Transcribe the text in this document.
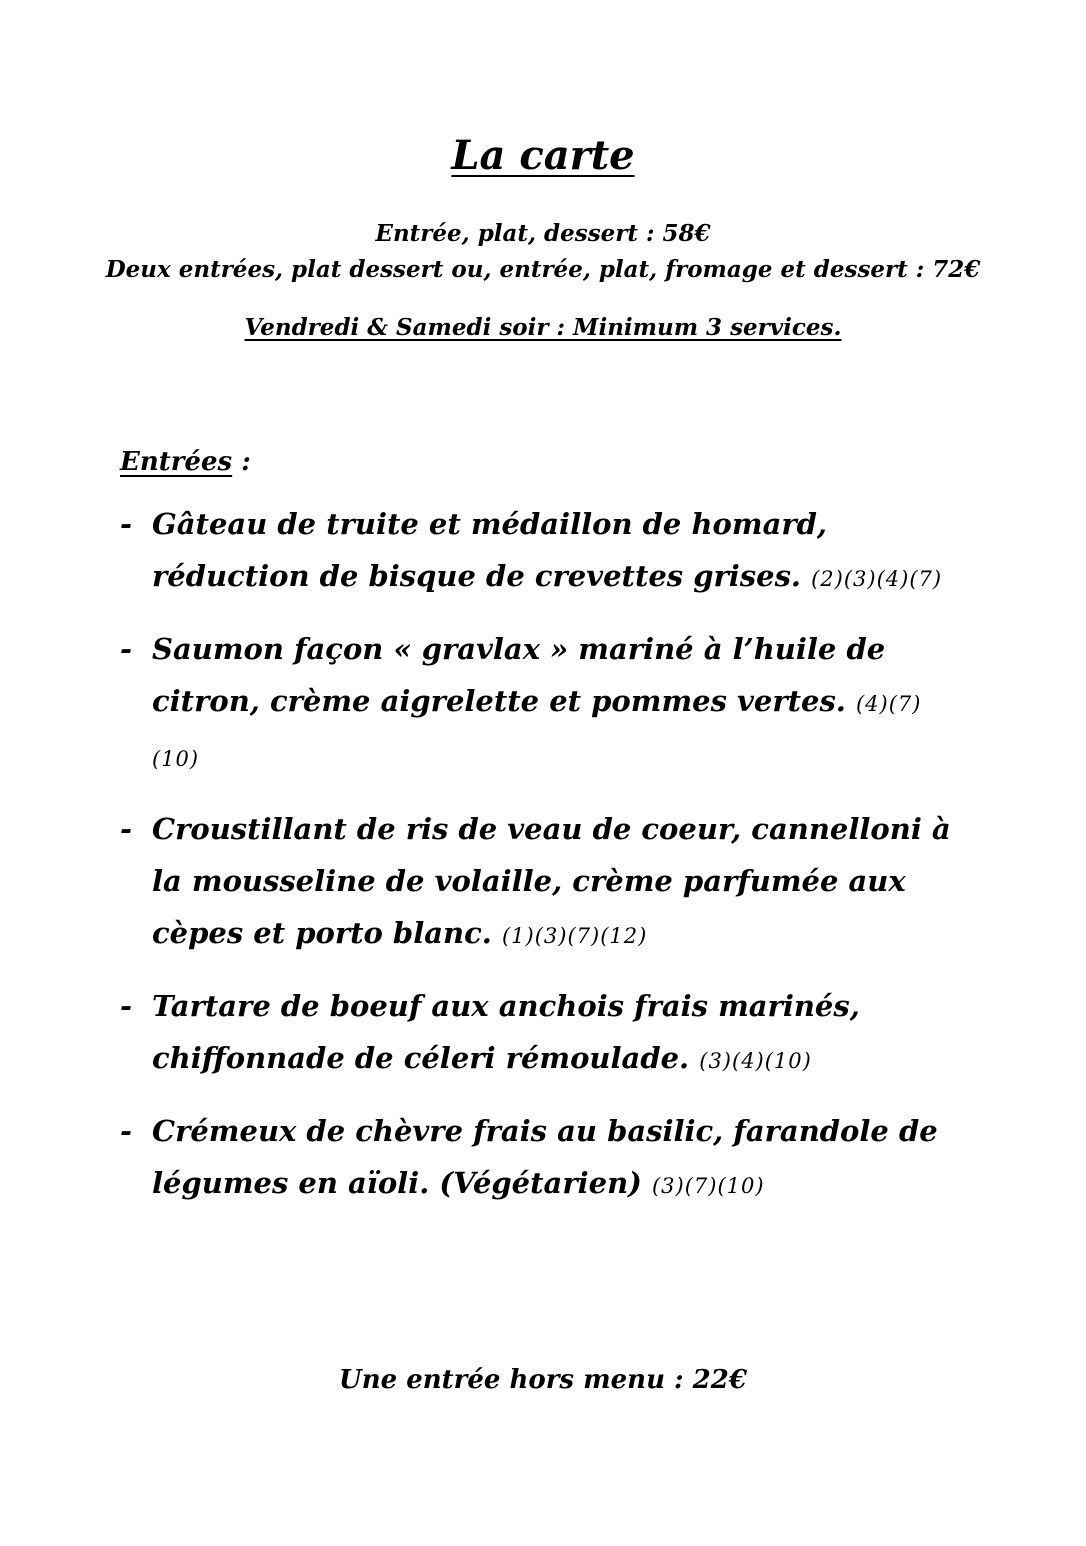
La carte
Entrée, plat, dessert : 58€
Deux entrées, plat dessert ou, entrée, plat, fromage et dessert : 72€
Vendredi & Samedi soir : Minimum 3 services.
Entrées :
- Gâteau de truite et médaillon de homard, réduction de bisque de crevettes grises. (2)(3)(4)(7)
- Saumon façon « gravlax » mariné à l’huile de citron, crème aigrelette et pommes vertes. (4)(7)(10)
- Croustillant de ris de veau de coeur, cannelloni à la mousseline de volaille, crème parfumée aux cèpes et porto blanc. (1)(3)(7)(12)
- Tartare de boeuf aux anchois frais marinés, chiffonnade de céleri rémoulade. (3)(4)(10)
- Crémeux de chèvre frais au basilic, farandole de légumes en aïoli. (Végétarien) (3)(7)(10)
Une entrée hors menu : 22€
